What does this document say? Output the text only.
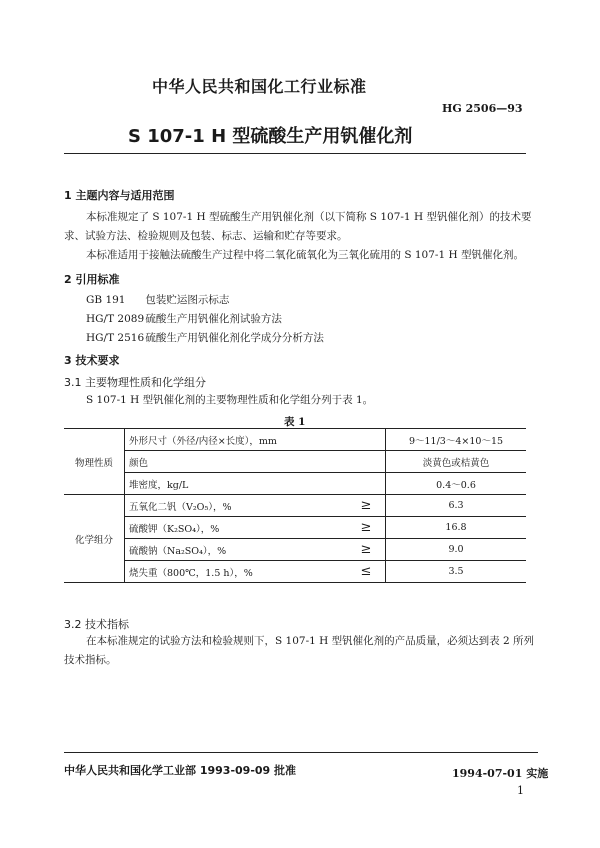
中华人民共和国化工行业标准
HG 2506—93
S 107-1 H 型硫酸生产用钒催化剂
1 主题内容与适用范围
本标准规定了 S 107-1 H 型硫酸生产用钒催化剂（以下简称 S 107-1 H 型钒催化剂）的技术要
求、试验方法、检验规则及包装、标志、运输和贮存等要求。
本标准适用于接触法硫酸生产过程中将二氧化硫氧化为三氧化硫用的 S 107-1 H 型钒催化剂。
2 引用标准
GB 191 包装贮运图示标志
HG/T 2089 硫酸生产用钒催化剂试验方法
HG/T 2516 硫酸生产用钒催化剂化学成分分析方法
3 技术要求
3.1 主要物理性质和化学组分
S 107-1 H 型钒催化剂的主要物理性质和化学组分列于表 1。
表 1
物理性质	外形尺寸（外径/内径×长度），mm		9～11/3～4×10～15
	颜色		淡黄色或桔黄色
	堆密度，kg/L		0.4～0.6
化学组分	五氧化二钒（V₂O₅），%	≥	6.3
	硫酸钾（K₂SO₄），%	≥	16.8
	硫酸钠（Na₂SO₄），%	≥	9.0
	烧失重（800℃，1.5 h），%	≤	3.5
3.2 技术指标
在本标准规定的试验方法和检验规则下，S 107-1 H 型钒催化剂的产品质量，必须达到表 2 所列
技术指标。
中华人民共和国化学工业部 1993-09-09 批准	1994-07-01 实施
1
